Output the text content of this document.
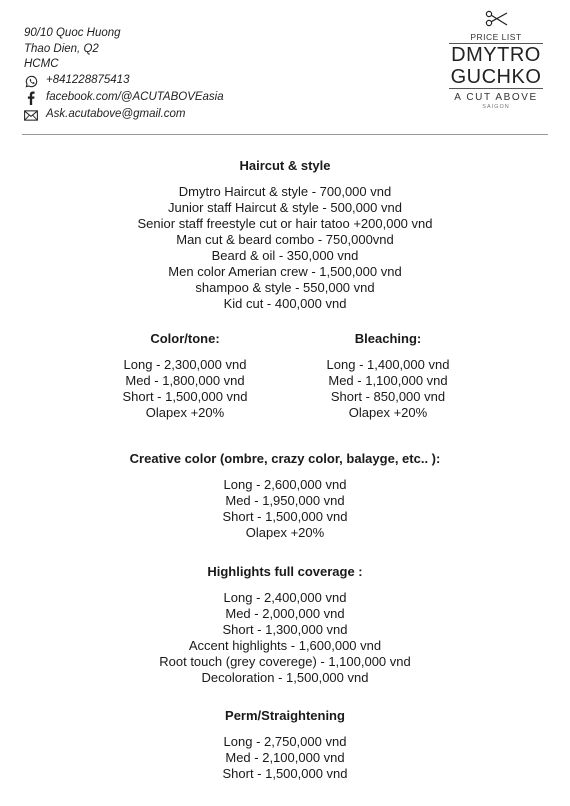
90/10 Quoc Huong
Thao Dien, Q2
HCMC
+841228875413
facebook.com/@ACUTABOVEasia
Ask.acutabove@gmail.com
PRICE LIST
DMYTRO
GUCHKO
A CUT ABOVE
SAIGON
Haircut & style
Dmytro Haircut & style - 700,000 vnd
Junior staff Haircut & style - 500,000 vnd
Senior staff freestyle cut or hair tatoo +200,000 vnd
Man cut & beard combo - 750,000vnd
Beard & oil - 350,000 vnd
Men color Amerian crew - 1,500,000 vnd
shampoo & style - 550,000 vnd
Kid cut - 400,000 vnd
Color/tone:
Long - 2,300,000 vnd
Med - 1,800,000 vnd
Short - 1,500,000 vnd
Olapex +20%
Bleaching:
Long - 1,400,000 vnd
Med - 1,100,000 vnd
Short - 850,000 vnd
Olapex +20%
Creative color (ombre, crazy color, balayge, etc.. ):
Long - 2,600,000 vnd
Med - 1,950,000 vnd
Short - 1,500,000 vnd
Olapex +20%
Highlights full coverage :
Long - 2,400,000 vnd
Med - 2,000,000 vnd
Short - 1,300,000 vnd
Accent highlights - 1,600,000 vnd
Root touch (grey coverege) - 1,100,000 vnd
Decoloration - 1,500,000 vnd
Perm/Straightening
Long - 2,750,000 vnd
Med - 2,100,000 vnd
Short - 1,500,000 vnd
